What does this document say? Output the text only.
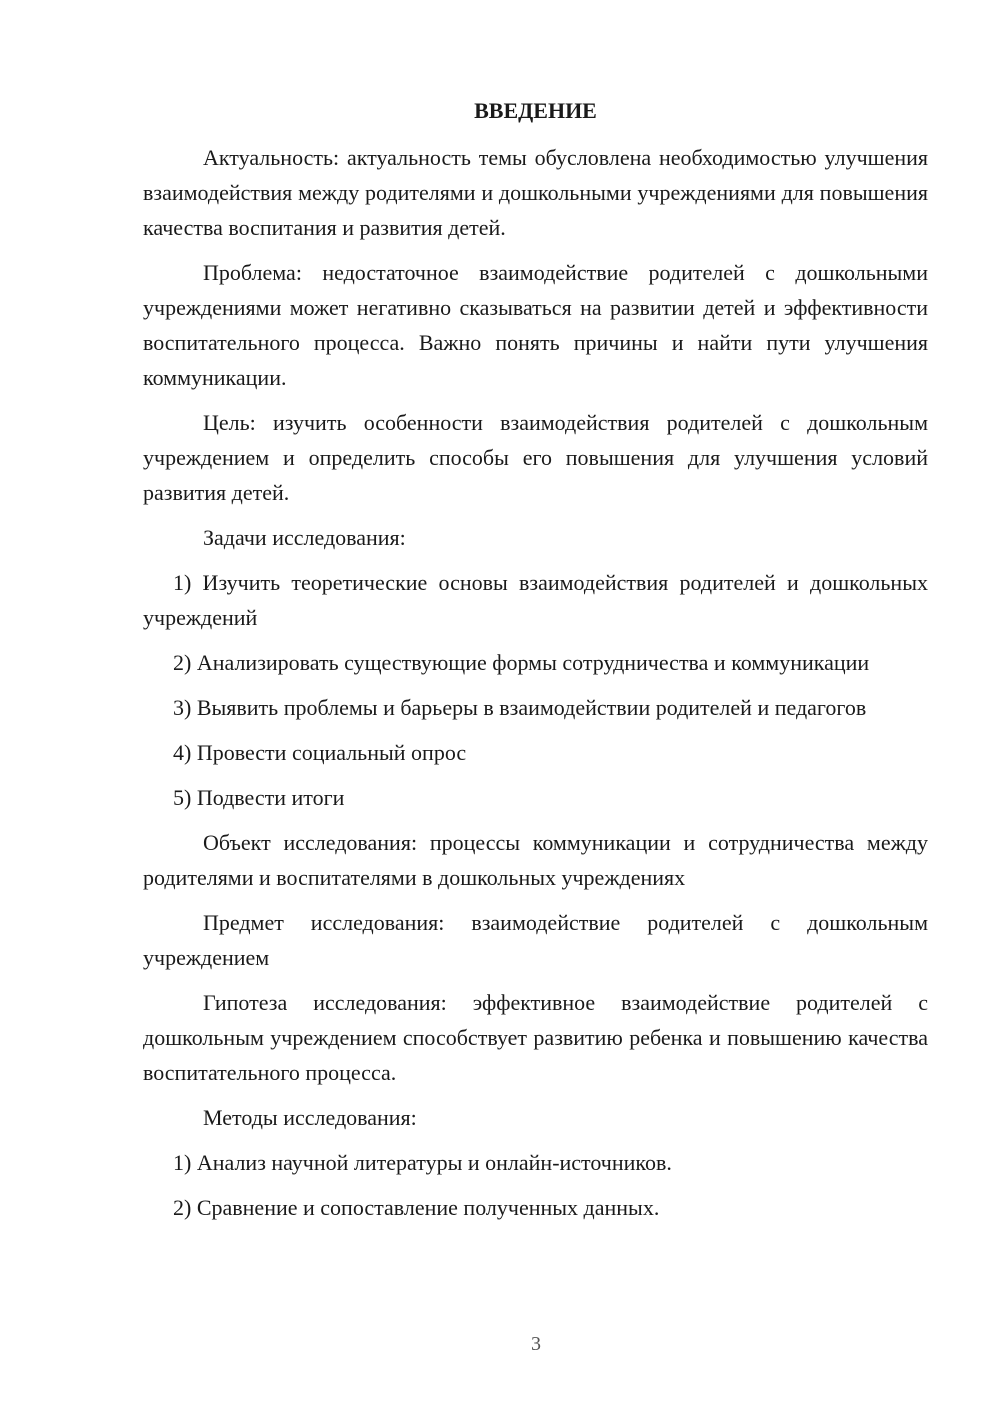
ВВЕДЕНИЕ

Актуальность: актуальность темы обусловлена необходимостью улучшения взаимодействия между родителями и дошкольными учреждениями для повышения качества воспитания и развития детей.

Проблема: недостаточное взаимодействие родителей с дошкольными учреждениями может негативно сказываться на развитии детей и эффективности воспитательного процесса. Важно понять причины и найти пути улучшения коммуникации.

Цель: изучить особенности взаимодействия родителей с дошкольным учреждением и определить способы его повышения для улучшения условий развития детей.

Задачи исследования:

1) Изучить теоретические основы взаимодействия родителей и дошкольных учреждений

2) Анализировать существующие формы сотрудничества и коммуникации

3) Выявить проблемы и барьеры в взаимодействии родителей и педагогов

4) Провести социальный опрос

5) Подвести итоги

Объект исследования: процессы коммуникации и сотрудничества между родителями и воспитателями в дошкольных учреждениях

Предмет исследования: взаимодействие родителей с дошкольным учреждением

Гипотеза исследования: эффективное взаимодействие родителей с дошкольным учреждением способствует развитию ребенка и повышению качества воспитательного процесса.

Методы исследования:

1) Анализ научной литературы и онлайн-источников.

2) Сравнение и сопоставление полученных данных.

3
